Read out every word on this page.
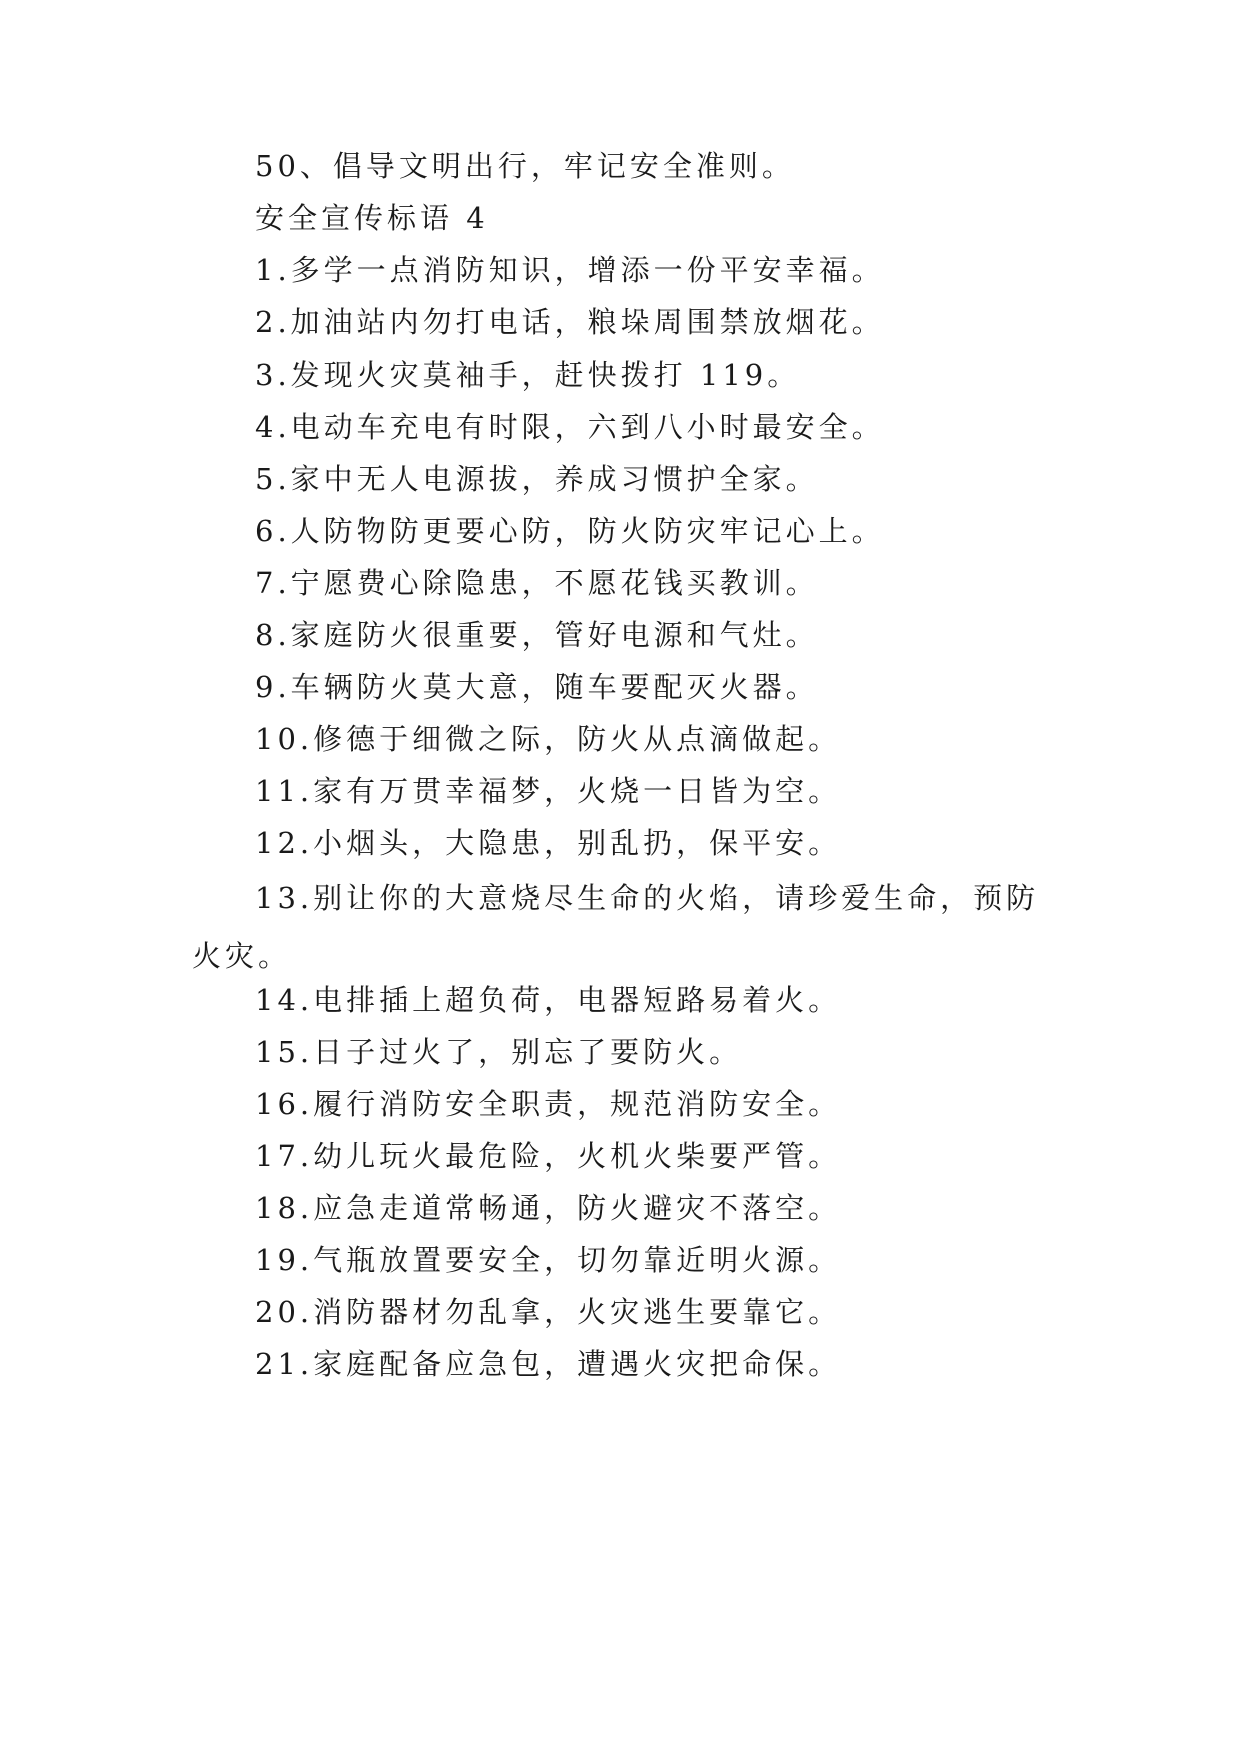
50、倡导文明出行，牢记安全准则。

安全宣传标语 4

1.多学一点消防知识，增添一份平安幸福。

2.加油站内勿打电话，粮垛周围禁放烟花。

3.发现火灾莫袖手，赶快拨打 119。

4.电动车充电有时限，六到八小时最安全。

5.家中无人电源拔，养成习惯护全家。

6.人防物防更要心防，防火防灾牢记心上。

7.宁愿费心除隐患，不愿花钱买教训。

8.家庭防火很重要，管好电源和气灶。

9.车辆防火莫大意，随车要配灭火器。

10.修德于细微之际，防火从点滴做起。

11.家有万贯幸福梦，火烧一日皆为空。

12.小烟头，大隐患，别乱扔，保平安。

13.别让你的大意烧尽生命的火焰，请珍爱生命，预防
火灾。

14.电排插上超负荷，电器短路易着火。

15.日子过火了，别忘了要防火。

16.履行消防安全职责，规范消防安全。

17.幼儿玩火最危险，火机火柴要严管。

18.应急走道常畅通，防火避灾不落空。

19.气瓶放置要安全，切勿靠近明火源。

20.消防器材勿乱拿，火灾逃生要靠它。

21.家庭配备应急包，遭遇火灾把命保。
